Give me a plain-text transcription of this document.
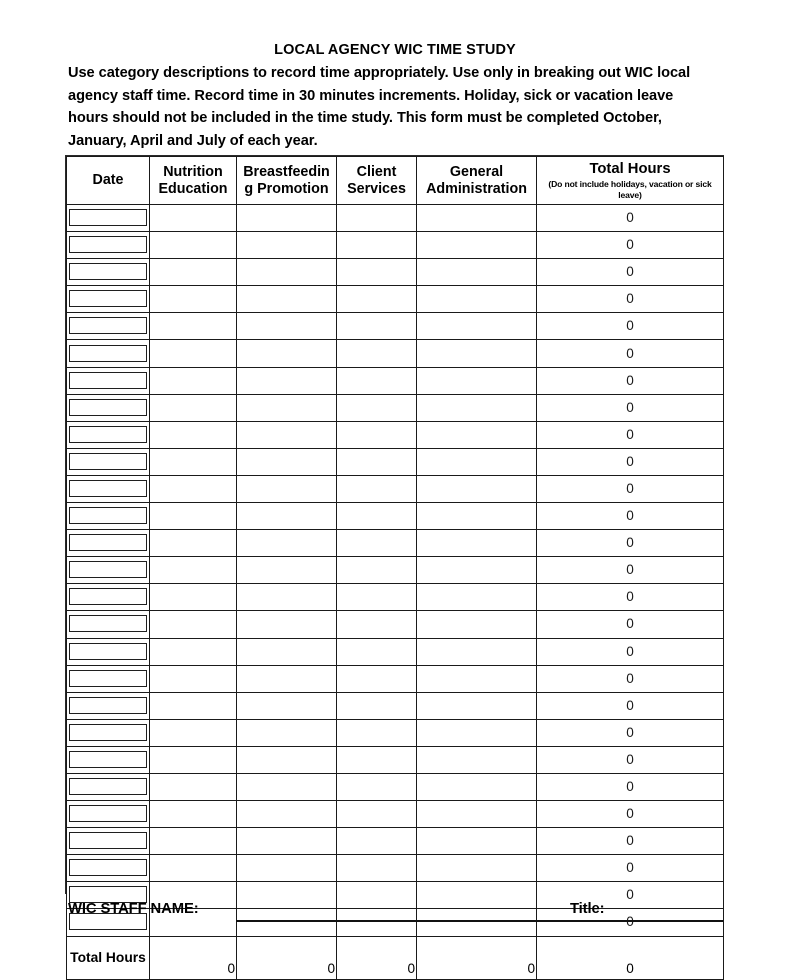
LOCAL AGENCY WIC TIME STUDY
Use category descriptions to record time appropriately. Use only in breaking out WIC local agency staff time. Record time in 30 minutes increments. Holiday, sick or vacation leave hours should not be included in the time study. This form must be completed October, January, April and July of each year.
Date	Nutrition Education	Breastfeedin g Promotion	Client Services	General Administration	Total Hours
(Do not include holidays, vacation or sick leave)

					0

					0

					0

					0

					0

					0

					0

					0

					0

					0

					0

					0

					0

					0

					0

					0

					0

					0

					0

					0

					0

					0

					0

					0

					0

					0

					0
Total Hours	0	0	0	0	0
WIC STAFF NAME:	Title:
